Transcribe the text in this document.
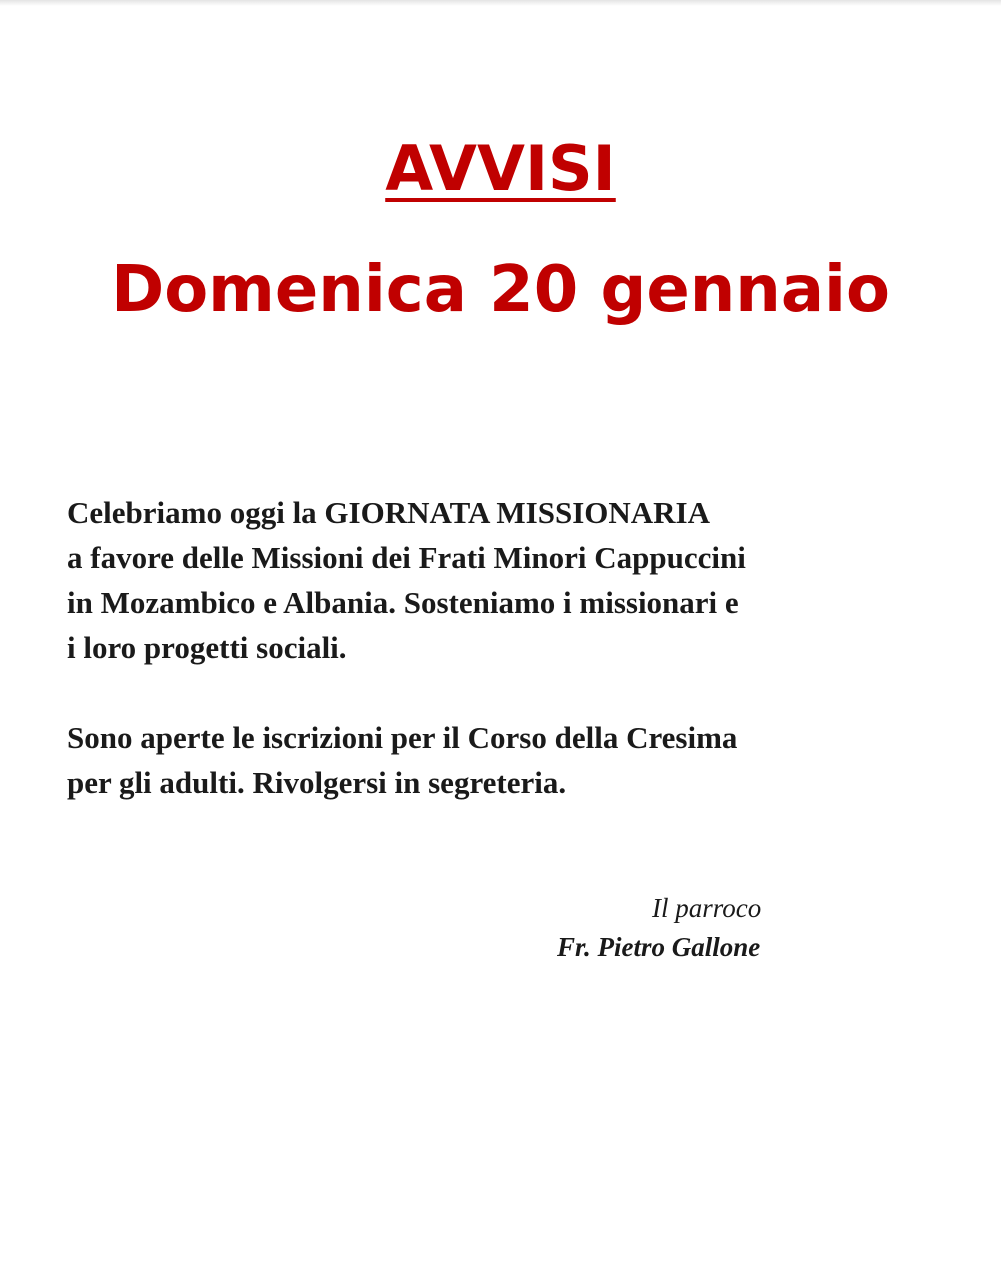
AVVISI
Domenica 20 gennaio
Celebriamo oggi la GIORNATA MISSIONARIA
a favore delle Missioni dei Frati Minori Cappuccini
in Mozambico e Albania. Sosteniamo i missionari e
i loro progetti sociali.
Sono aperte le iscrizioni per il Corso della Cresima
per gli adulti. Rivolgersi in segreteria.
Il parroco
Fr. Pietro Gallone
